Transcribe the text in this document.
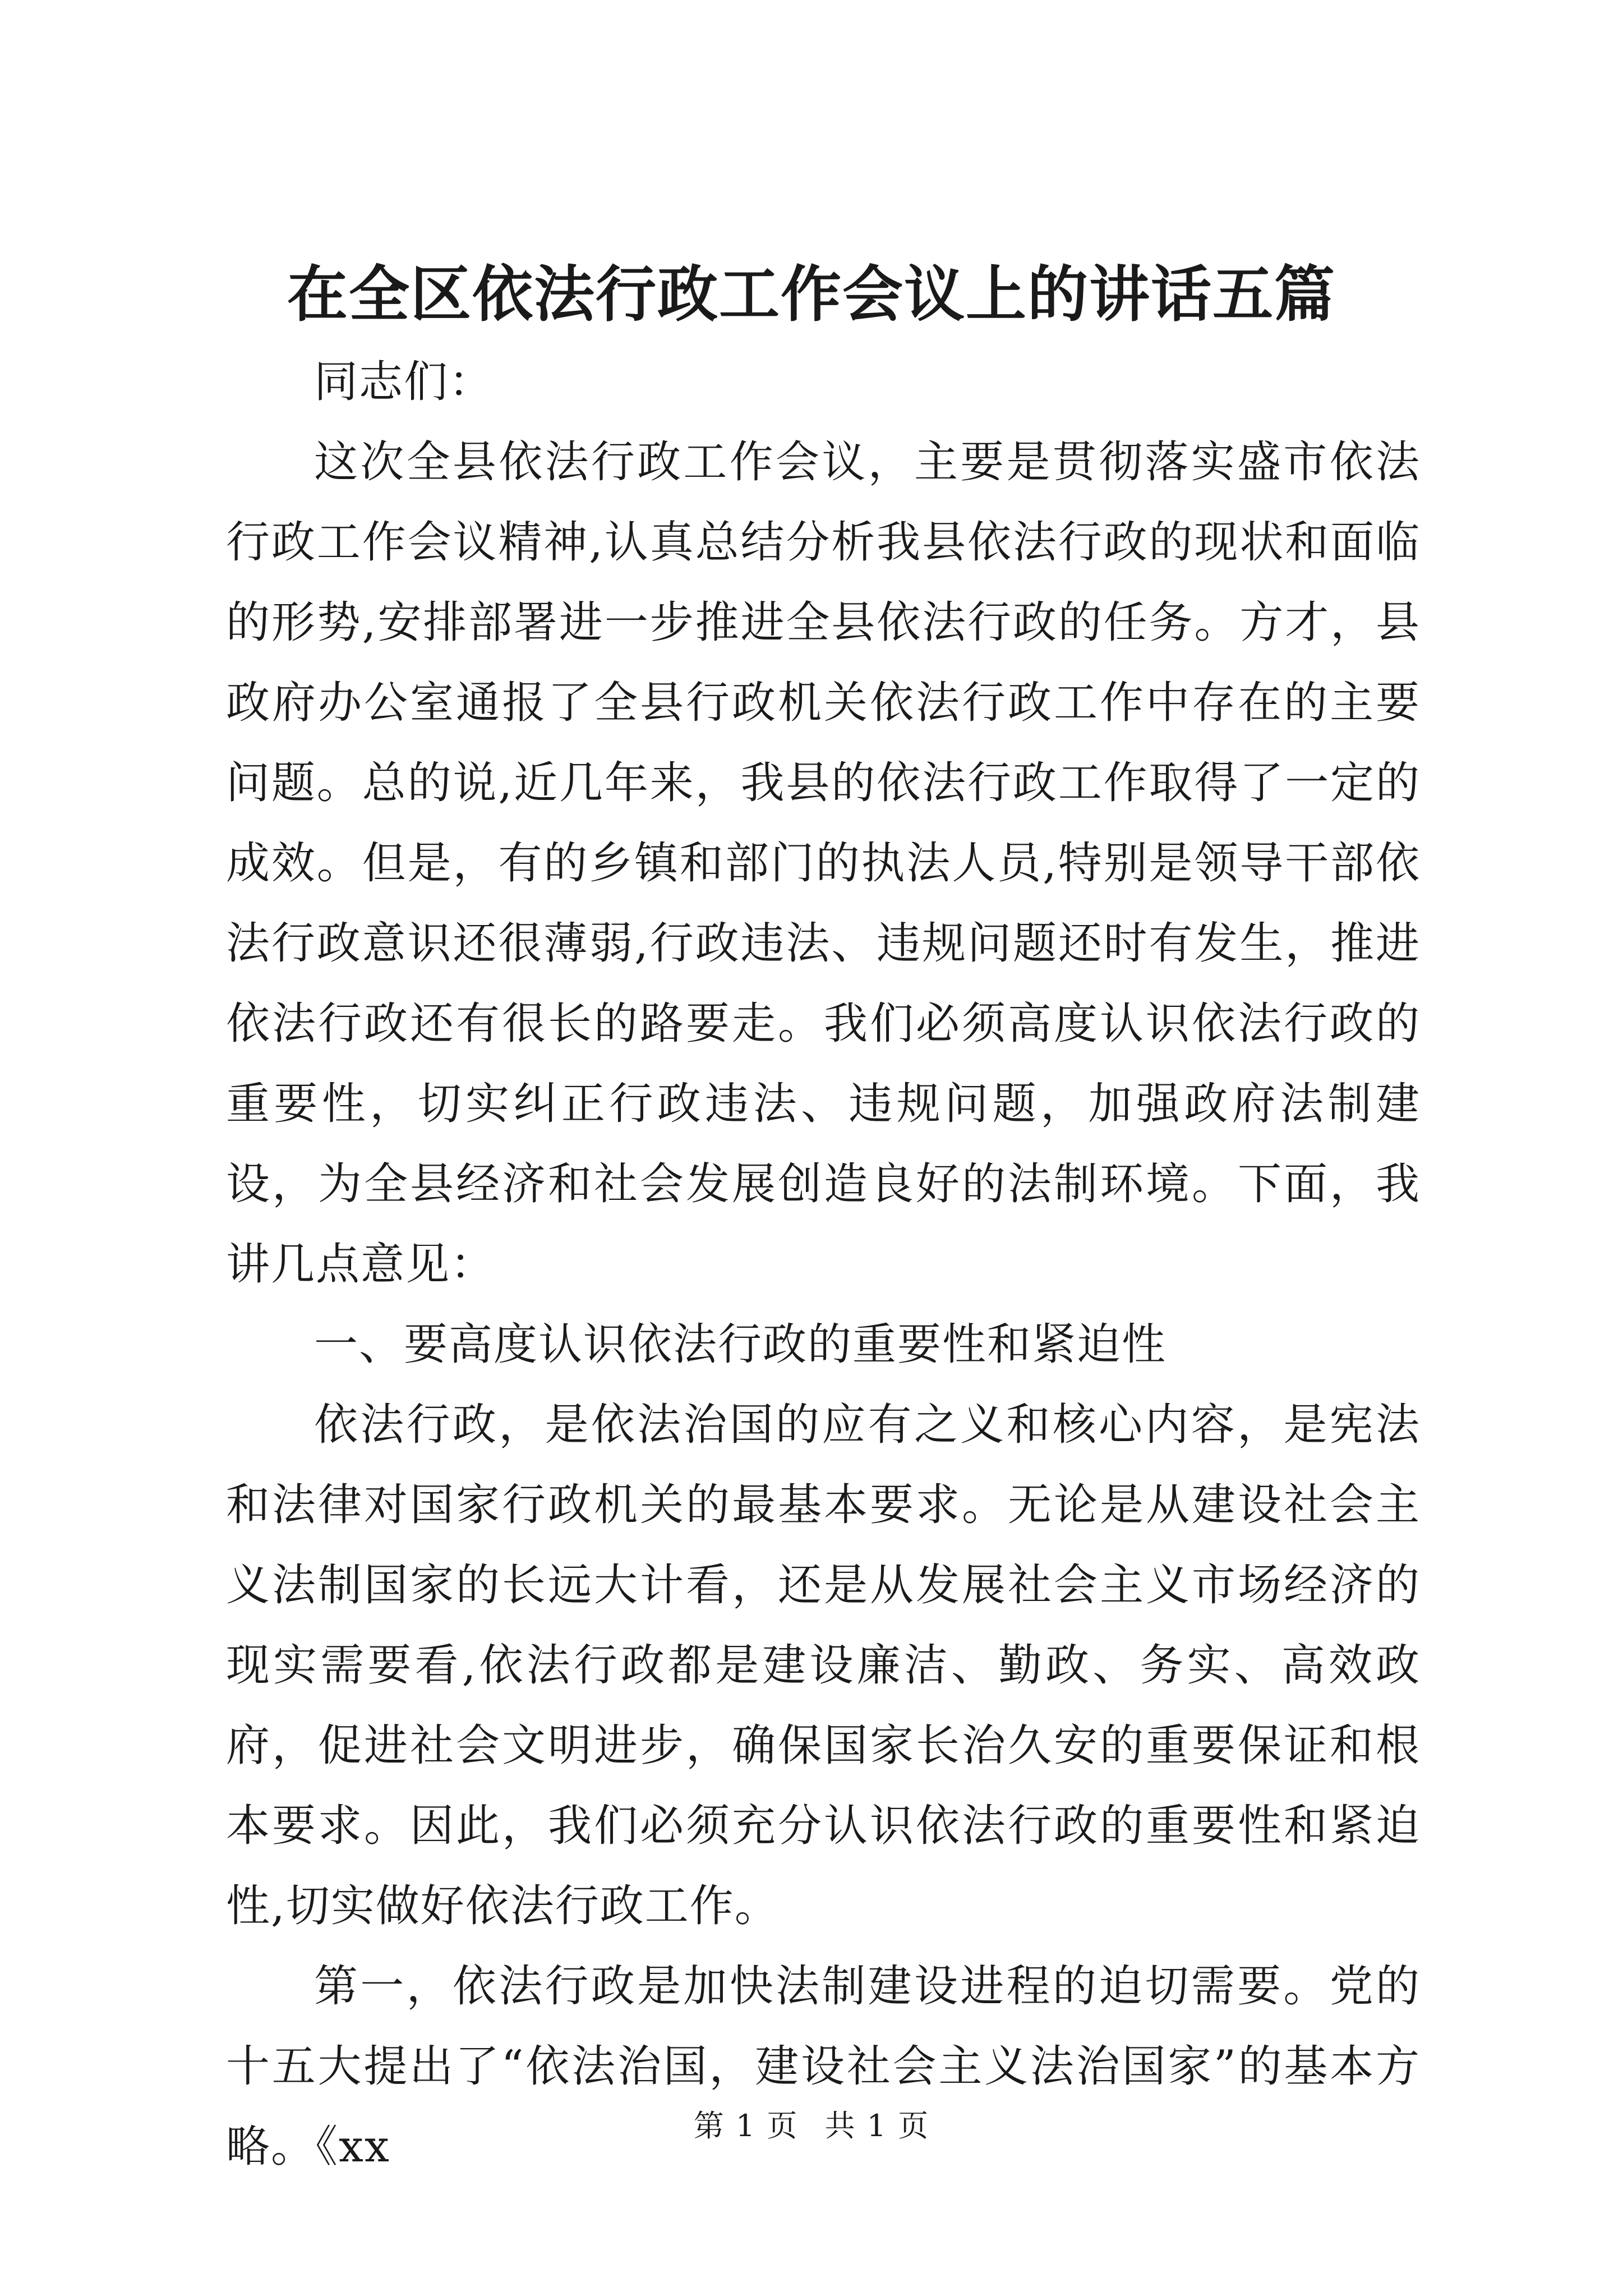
在全区依法行政工作会议上的讲话五篇

同志们：

这次全县依法行政工作会议，主要是贯彻落实盛市依法行政工作会议精神,认真总结分析我县依法行政的现状和面临的形势,安排部署进一步推进全县依法行政的任务。方才，县政府办公室通报了全县行政机关依法行政工作中存在的主要问题。总的说,近几年来，我县的依法行政工作取得了一定的成效。但是，有的乡镇和部门的执法人员,特别是领导干部依法行政意识还很薄弱,行政违法、违规问题还时有发生，推进依法行政还有很长的路要走。我们必须高度认识依法行政的重要性，切实纠正行政违法、违规问题，加强政府法制建设，为全县经济和社会发展创造良好的法制环境。下面，我讲几点意见：

一、要高度认识依法行政的重要性和紧迫性

依法行政，是依法治国的应有之义和核心内容，是宪法和法律对国家行政机关的最基本要求。无论是从建设社会主义法制国家的长远大计看，还是从发展社会主义市场经济的现实需要看,依法行政都是建设廉洁、勤政、务实、高效政府，促进社会文明进步，确保国家长治久安的重要保证和根本要求。因此，我们必须充分认识依法行政的重要性和紧迫性,切实做好依法行政工作。

第一，依法行政是加快法制建设进程的迫切需要。党的十五大提出了“依法治国，建设社会主义法治国家”的基本方略。《xx	第 1 页 共 1 页
